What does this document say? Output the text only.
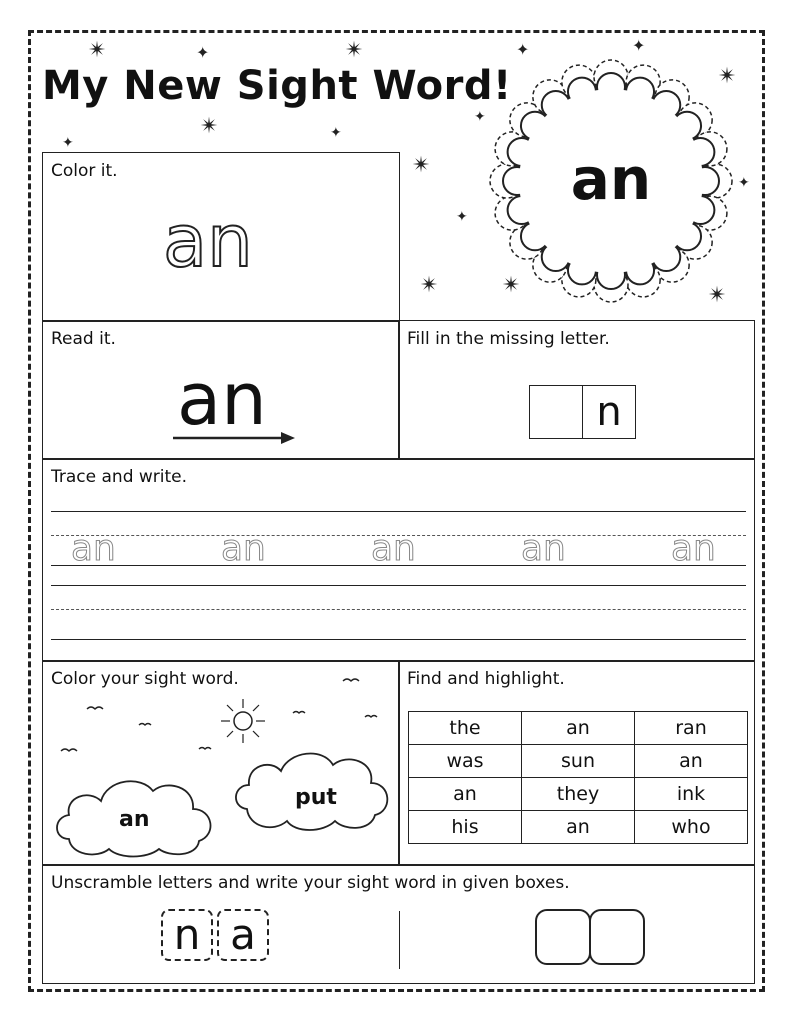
My New Sight Word!
✴	✦	✴	✦	✦
✴
✴
✦
✦
✦
✴
✦
✦
✴	✴	✴
an
Color it.
an
Read it.
an
Fill in the missing letter.
n
Trace and write.
an	an	an	an	an
Color your sight word.
an
put
Find and highlight.
the	an	ran
was	sun	an
an	they	ink
his	an	who
Unscramble letters and write your sight word in given boxes.
n a
